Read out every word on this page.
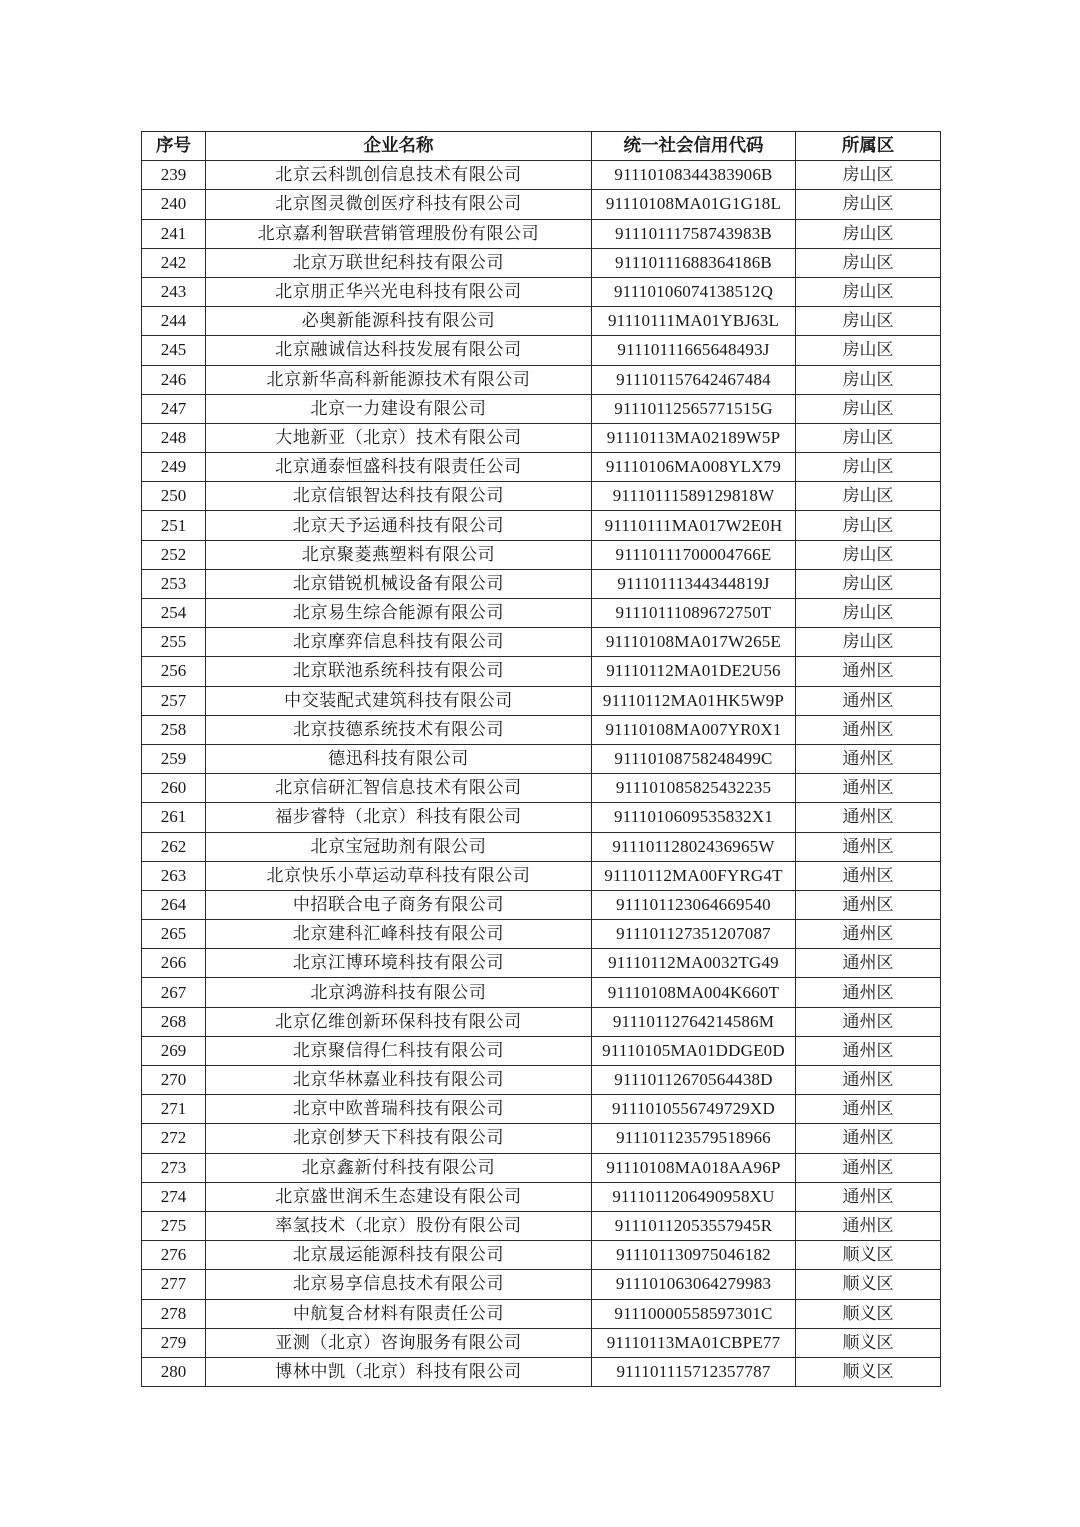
序号	企业名称	统一社会信用代码	所属区
239	北京云科凯创信息技术有限公司	91110108344383906B	房山区
240	北京图灵微创医疗科技有限公司	91110108MA01G1G18L	房山区
241	北京嘉利智联营销管理股份有限公司	91110111758743983B	房山区
242	北京万联世纪科技有限公司	91110111688364186B	房山区
243	北京朋正华兴光电科技有限公司	91110106074138512Q	房山区
244	必奥新能源科技有限公司	91110111MA01YBJ63L	房山区
245	北京融诚信达科技发展有限公司	91110111665648493J	房山区
246	北京新华高科新能源技术有限公司	911101157642467484	房山区
247	北京一力建设有限公司	91110112565771515G	房山区
248	大地新亚（北京）技术有限公司	91110113MA02189W5P	房山区
249	北京通泰恒盛科技有限责任公司	91110106MA008YLX79	房山区
250	北京信银智达科技有限公司	91110111589129818W	房山区
251	北京天予运通科技有限公司	91110111MA017W2E0H	房山区
252	北京聚菱燕塑料有限公司	91110111700004766E	房山区
253	北京错锐机械设备有限公司	91110111344344819J	房山区
254	北京易生综合能源有限公司	91110111089672750T	房山区
255	北京摩弈信息科技有限公司	91110108MA017W265E	房山区
256	北京联池系统科技有限公司	91110112MA01DE2U56	通州区
257	中交装配式建筑科技有限公司	91110112MA01HK5W9P	通州区
258	北京技德系统技术有限公司	91110108MA007YR0X1	通州区
259	德迅科技有限公司	91110108758248499C	通州区
260	北京信研汇智信息技术有限公司	911101085825432235	通州区
261	福步睿特（北京）科技有限公司	9111010609535832X1	通州区
262	北京宝冠助剂有限公司	91110112802436965W	通州区
263	北京快乐小草运动草科技有限公司	91110112MA00FYRG4T	通州区
264	中招联合电子商务有限公司	911101123064669540	通州区
265	北京建科汇峰科技有限公司	911101127351207087	通州区
266	北京江博环境科技有限公司	91110112MA0032TG49	通州区
267	北京鸿游科技有限公司	91110108MA004K660T	通州区
268	北京亿维创新环保科技有限公司	91110112764214586M	通州区
269	北京聚信得仁科技有限公司	91110105MA01DDGE0D	通州区
270	北京华林嘉业科技有限公司	91110112670564438D	通州区
271	北京中欧普瑞科技有限公司	9111010556749729XD	通州区
272	北京创梦天下科技有限公司	911101123579518966	通州区
273	北京鑫新付科技有限公司	91110108MA018AA96P	通州区
274	北京盛世润禾生态建设有限公司	9111011206490958XU	通州区
275	率氢技术（北京）股份有限公司	91110112053557945R	通州区
276	北京晟运能源科技有限公司	911101130975046182	顺义区
277	北京易享信息技术有限公司	911101063064279983	顺义区
278	中航复合材料有限责任公司	91110000558597301C	顺义区
279	亚测（北京）咨询服务有限公司	91110113MA01CBPE77	顺义区
280	博林中凯（北京）科技有限公司	911101115712357787	顺义区
